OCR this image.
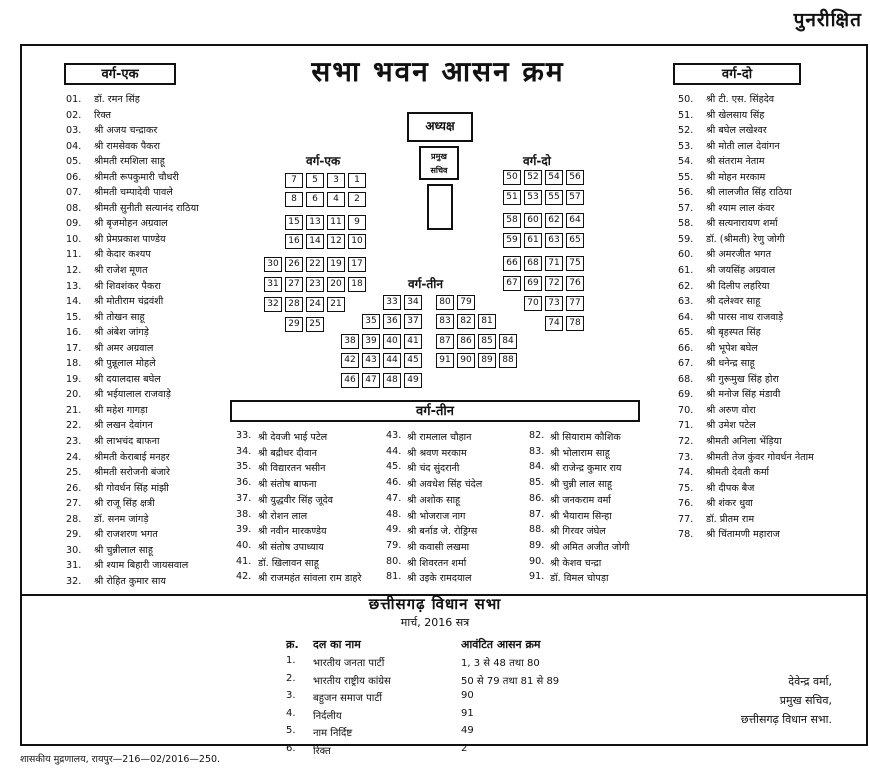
पुनरीक्षित
वर्ग-एक	वर्ग-दो
सभा भवन आसन क्रम
01. डॉ. रमन सिंह
02. रिक्त
03. श्री अजय चन्द्राकर
04. श्री रामसेवक पैकरा
05. श्रीमती रमशिला साहू
06. श्रीमती रूपकुमारी चौधरी
07. श्रीमती चम्पादेवी पावले
08. श्रीमती सुनीती सत्यानंद राठिया
09. श्री बृजमोहन अग्रवाल
10. श्री प्रेमप्रकाश पाण्डेय
11. श्री केदार कश्यप
12. श्री राजेश मूणत
13. श्री शिवशंकर पैकरा
14. श्री मोतीराम चंद्रवंशी
15. श्री तोखन साहू
16. श्री अंबेश जांगड़े
17. श्री अमर अग्रवाल
18. श्री पुन्नूलाल मोहले
19. श्री दयालदास बघेल
20. श्री भईयालाल राजवाड़े
21. श्री महेश गागड़ा
22. श्री लखन देवांगन
23. श्री लाभचंद बाफना
24. श्रीमती केराबाई मनहर
25. श्रीमती सरोजनी बंजारे
26. श्री गोवर्धन सिंह मांझी
27. श्री राजू सिंह क्षत्री
28. डॉ. सनम जांगड़े
29. श्री राजशरण भगत
30. श्री चुन्नीलाल साहू
31. श्री श्याम बिहारी जायसवाल
32. श्री रोहित कुमार साय
50. श्री टी. एस. सिंहदेव
51. श्री खेलसाय सिंह
52. श्री बघेल लखेश्वर
53. श्री मोती लाल देवांगन
54. श्री संतराम नेताम
55. श्री मोहन मरकाम
56. श्री लालजीत सिंह राठिया
57. श्री श्याम लाल कंवर
58. श्री सत्यनारायण शर्मा
59. डॉ. (श्रीमती) रेणु जोगी
60. श्री अमरजीत भगत
61. श्री जयसिंह अग्रवाल
62. श्री दिलीप लहरिया
63. श्री दलेश्वर साहू
64. श्री पारस नाथ राजवाड़े
65. श्री बृहस्पत सिंह
66. श्री भूपेश बघेल
67. श्री धनेन्द्र साहू
68. श्री गुरूमुख सिंह होरा
69. श्री मनोज सिंह मंडावी
70. श्री अरुण वोरा
71. श्री उमेश पटेल
72. श्रीमती अनिला भेंड़िया
73. श्रीमती तेज कुंवर गोवर्धन नेताम
74. श्रीमती देवती कर्मा
75. श्री दीपक बैज
76. श्री शंकर धुवा
77. डॉ. प्रीतम राम
78. श्री चिंतामणी महाराज
अध्यक्ष
प्रमुख
सचिव
वर्ग-एक	वर्ग-दो
वर्ग-तीन
7	5	3	1
8	6	4	2
15	13	11	9
16	14	12	10
30	26	22	19	17
31	27	23	20	18
32	28	24	21
29	25
50	52	54	56
51	53	55	57
58	60	62	64
59	61	63	65
66	68	71	75
67	69	72	76
70	73	77
74	78
33	34	80	79
35	36	37	83	82	81
38	39	40	41	87	86	85	84
42	43	44	45	91	90	89	88
46	47	48	49
वर्ग-तीन
33. श्री देवजी भाई पटेल	43. श्री रामलाल चौहान	82. श्री सियाराम कौशिक
34. श्री बद्रीधर दीवान	44. श्री श्रवण मरकाम	83. श्री भोलाराम साहू
35. श्री विद्यारतन भसीन	45. श्री चंद सुंदरानी	84. श्री राजेन्द्र कुमार राय
36. श्री संतोष बाफना	46. श्री अवधेश सिंह चंदेल	85. श्री चुन्नी लाल साहू
37. श्री युद्धवीर सिंह जूदेव	47. श्री अशोक साहू	86. श्री जनकराम वर्मा
38. श्री रोशन लाल	48. श्री भोजराज नाग	87. श्री भैयाराम सिन्हा
39. श्री नवीन मारकण्डेय	49. श्री बर्नाड जे. रोड्रिग्स	88. श्री गिरवर जंघेल
40. श्री संतोष उपाध्याय	79. श्री कवासी लखमा	89. श्री अमित अजीत जोगी
41. डॉ. खिलावन साहू	80. श्री शिवरतन शर्मा	90. श्री केशव चन्द्रा
42. श्री राजमहंत सांवला राम डाहरे	81. श्री उइके रामदयाल	91. डॉ. विमल चोपड़ा
छत्तीसगढ़ विधान सभा
मार्च, 2016 सत्र
क्र. दल का नाम	आवंटित आसन क्रम
1. भारतीय जनता पार्टी	1, 3 से 48 तथा 80
2. भारतीय राष्ट्रीय कांग्रेस	50 से 79 तथा 81 से 89
3. बहुजन समाज पार्टी	90
4. निर्दलीय	91
5. नाम निर्दिष्ट	49
6. रिक्त	2
देवेन्द्र वर्मा,
प्रमुख सचिव,
छत्तीसगढ़ विधान सभा.
शासकीय मुद्रणालय, रायपुर—216—02/2016—250.
